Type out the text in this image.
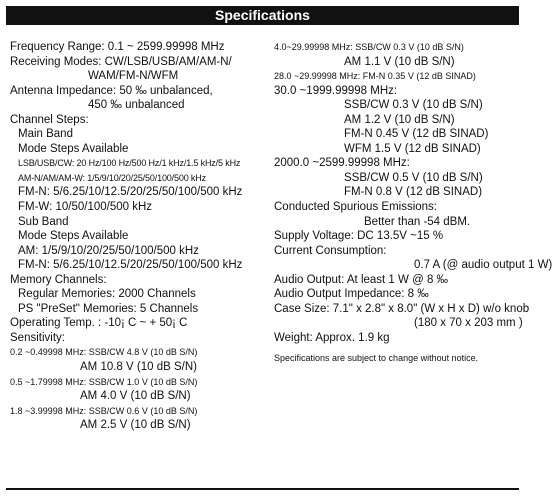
Specifications
Frequency Range: 0.1 ~ 2599.99998 MHz
Receiving Modes: CW/LSB/USB/AM/AM-N/
WAM/FM-N/WFM
Antenna Impedance: 50 ‰ unbalanced,
450 ‰ unbalanced
Channel Steps:
Main Band
Mode Steps Available
LSB/USB/CW: 20 Hz/100 Hz/500 Hz/1 kHz/1.5 kHz/5 kHz
AM-N/AM/AM-W: 1/5/9/10/20/25/50/100/500 kHz
FM-N: 5/6.25/10/12.5/20/25/50/100/500 kHz
FM-W: 10/50/100/500 kHz
Sub Band
Mode Steps Available
AM: 1/5/9/10/20/25/50/100/500 kHz
FM-N: 5/6.25/10/12.5/20/25/50/100/500 kHz
Memory Channels:
Regular Memories: 2000 Channels
PS "PreSet" Memories: 5 Channels
Operating Temp. : -10¡ C ~ + 50¡ C
Sensitivity:
0.2 ~0.49998 MHz: SSB/CW 4.8 V (10 dB S/N)
AM 10.8 V (10 dB S/N)
0.5 ~1.79998 MHz: SSB/CW 1.0 V (10 dB S/N)
AM 4.0 V (10 dB S/N)
1.8 ~3.99998 MHz: SSB/CW 0.6 V (10 dB S/N)
AM 2.5 V (10 dB S/N)
4.0~29.99998 MHz: SSB/CW 0.3 V (10 dB S/N)
AM 1.1 V (10 dB S/N)
28.0 ~29.99998 MHz: FM-N 0.35 V (12 dB SINAD)
30.0 ~1999.99998 MHz:
SSB/CW 0.3 V (10 dB S/N)
AM 1.2 V (10 dB S/N)
FM-N 0.45 V (12 dB SINAD)
WFM 1.5 V (12 dB SINAD)
2000.0 ~2599.99998 MHz:
SSB/CW 0.5 V (10 dB S/N)
FM-N 0.8 V (12 dB SINAD)
Conducted Spurious Emissions:
Better than -54 dBM.
Supply Voltage: DC 13.5V ~15 %
Current Consumption:
0.7 A (@ audio output 1 W)
Audio Output: At least 1 W @ 8 ‰
Audio Output Impedance: 8 ‰
Case Size: 7.1" x 2.8" x 8.0" (W x H x D) w/o knob
(180 x 70 x 203 mm )
Weight: Approx. 1.9 kg
Specifications are subject to change without notice.
